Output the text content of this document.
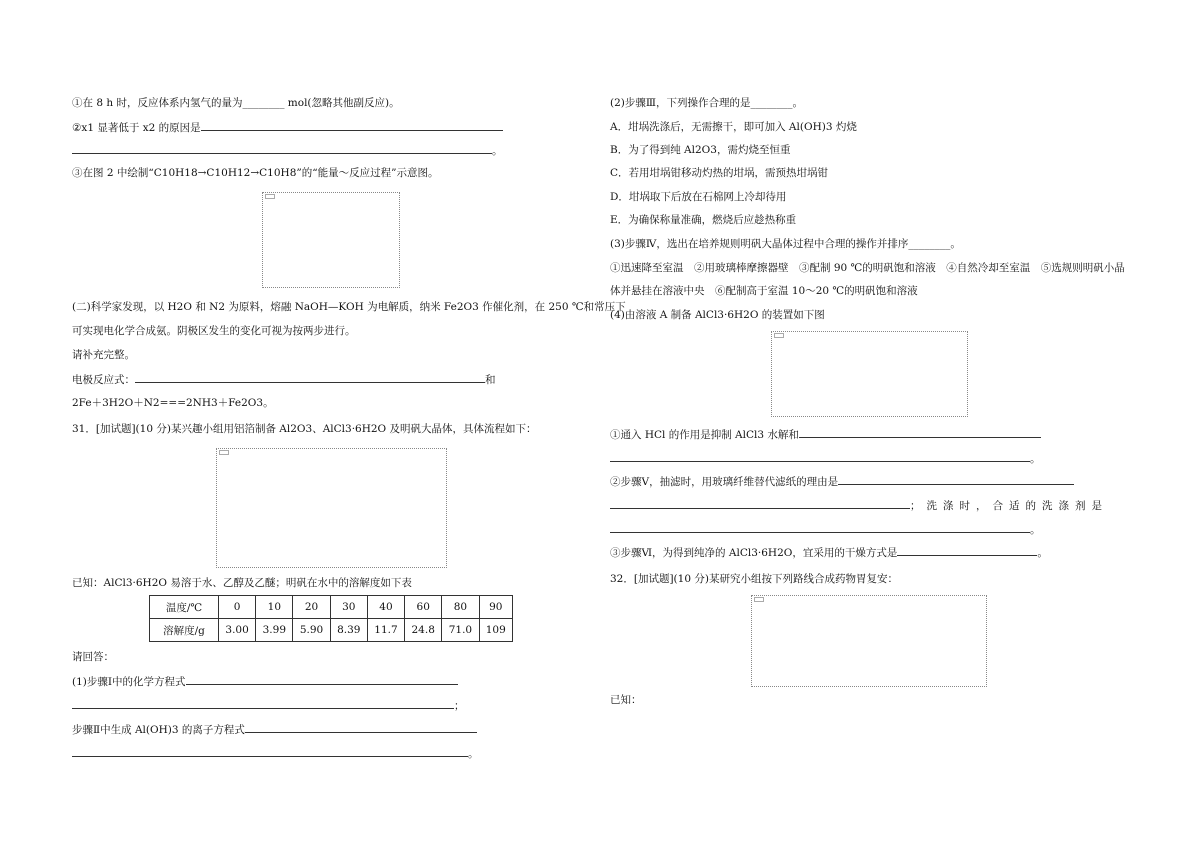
①在 8 h 时，反应体系内氢气的量为________ mol(忽略其他副反应)。
②x1 显著低于 x2 的原因是
。
③在图 2 中绘制“C10H18→C10H12→C10H8”的“能量～反应过程”示意图。
(二)科学家发现，以 H2O 和 N2 为原料，熔融 NaOH—KOH 为电解质，纳米 Fe2O3 作催化剂，在 250 ℃和常压下
可实现电化学合成氨。阴极区发生的变化可视为按两步进行。
请补充完整。
电极反应式：	和
2Fe＋3H2O＋N2===2NH3＋Fe2O3。
31．[加试题](10 分)某兴趣小组用铝箔制备 Al2O3、AlCl3·6H2O 及明矾大晶体，具体流程如下：
已知：AlCl3·6H2O 易溶于水、乙醇及乙醚；明矾在水中的溶解度如下表
温度/℃	0	10	20	30	40	60	80	90
溶解度/g	3.00	3.99	5.90	8.39	11.7	24.8	71.0	109
请回答：
(1)步骤Ⅰ中的化学方程式
；
步骤Ⅱ中生成 Al(OH)3 的离子方程式
。
(2)步骤Ⅲ，下列操作合理的是________。
A．坩埚洗涤后，无需擦干，即可加入 Al(OH)3 灼烧
B．为了得到纯 Al2O3，需灼烧至恒重
C．若用坩埚钳移动灼热的坩埚，需预热坩埚钳
D．坩埚取下后放在石棉网上冷却待用
E．为确保称量准确，燃烧后应趁热称重
(3)步骤Ⅳ，选出在培养规则明矾大晶体过程中合理的操作并排序________。
①迅速降至室温　②用玻璃棒摩擦器壁　③配制 90 ℃的明矾饱和溶液　④自然冷却至室温　⑤选规则明矾小晶
体并悬挂在溶液中央　⑥配制高于室温 10～20 ℃的明矾饱和溶液
(4)由溶液 A 制备 AlCl3·6H2O 的装置如下图
①通入 HCl 的作用是抑制 AlCl3 水解和
。
②步骤Ⅴ，抽滤时，用玻璃纤维替代滤纸的理由是
；洗涤时，合适的洗涤剂是
。
③步骤Ⅵ，为得到纯净的 AlCl3·6H2O，宜采用的干燥方式是	。
32．[加试题](10 分)某研究小组按下列路线合成药物胃复安：
已知：
